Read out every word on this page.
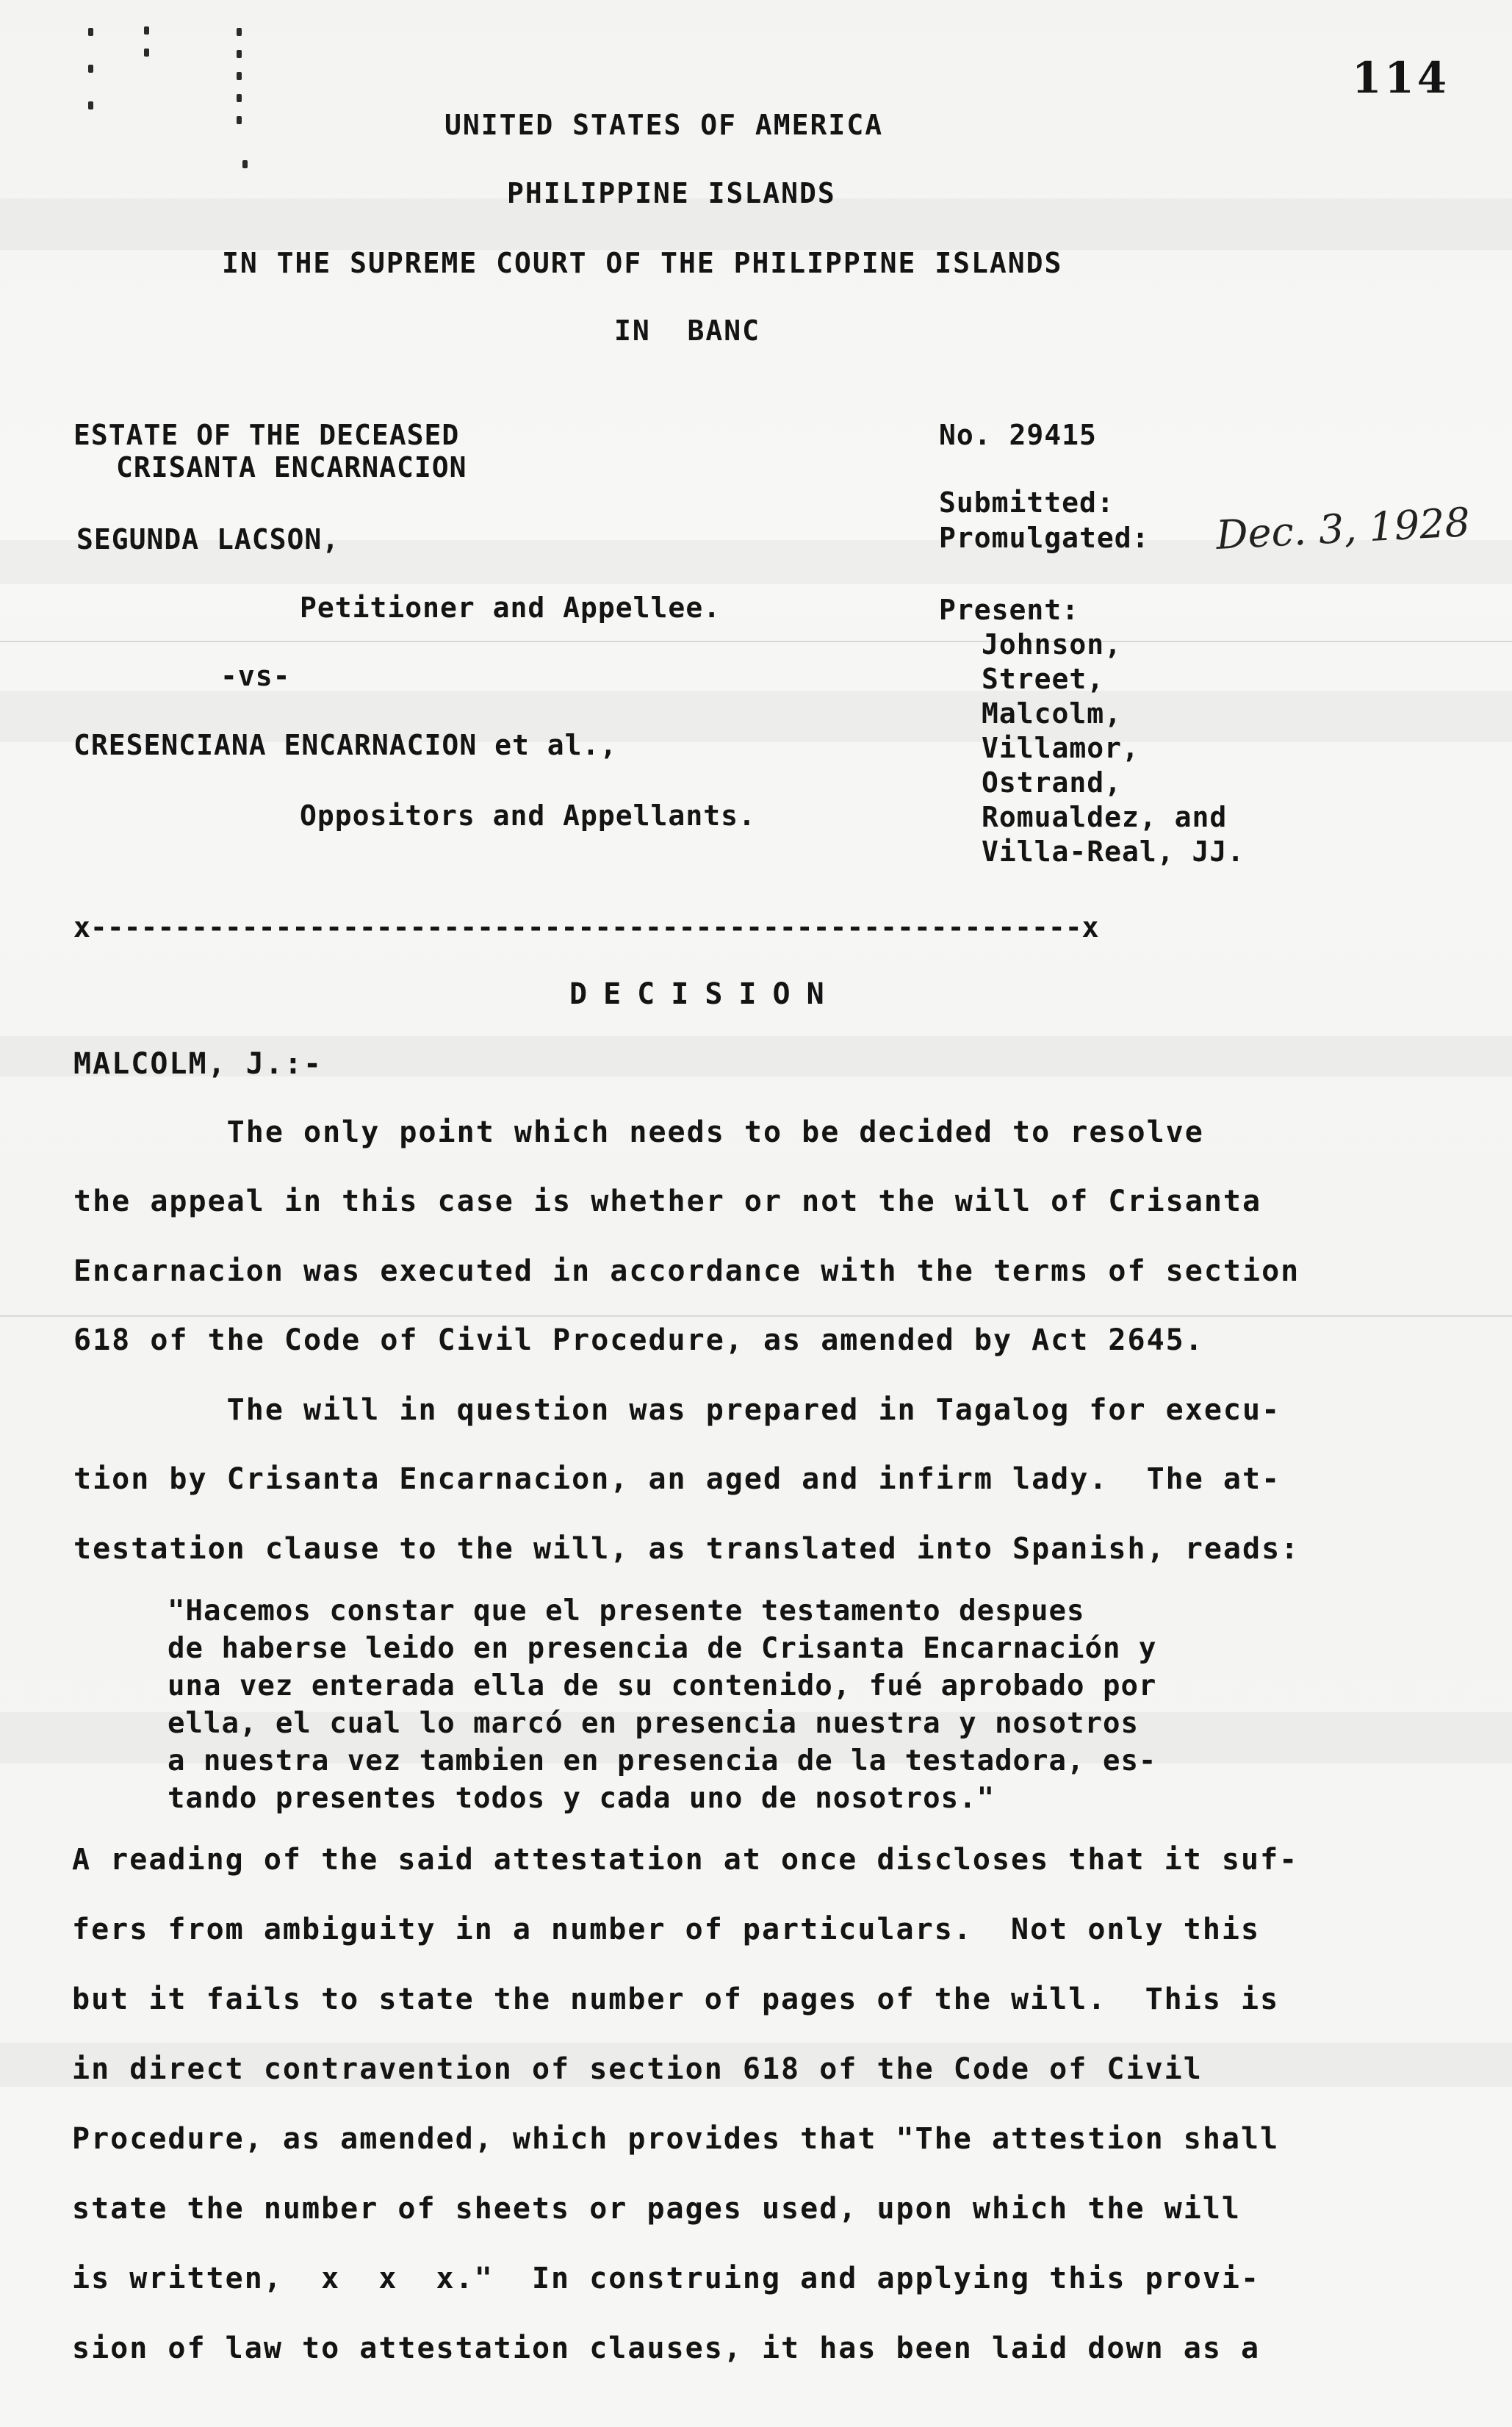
114
UNITED STATES OF AMERICA
PHILIPPINE ISLANDS
IN THE SUPREME COURT OF THE PHILIPPINE ISLANDS
IN  BANC
ESTATE OF THE DECEASED
CRISANTA ENCARNACION
SEGUNDA LACSON,
Petitioner and Appellee.
-vs-
CRESENCIANA ENCARNACION et al.,
Oppositors and Appellants.
No. 29415
Submitted:
Promulgated: Dec. 3, 1928
Present:
Johnson,
Street,
Malcolm,
Villamor,
Ostrand,
Romualdez, and
Villa-Real, JJ.
x-----------------------------------------------------------x
DECISION
MALCOLM, J.:-
The only point which needs to be decided to resolve
the appeal in this case is whether or not the will of Crisanta
Encarnacion was executed in accordance with the terms of section
618 of the Code of Civil Procedure, as amended by Act 2645.
The will in question was prepared in Tagalog for execu-
tion by Crisanta Encarnacion, an aged and infirm lady.  The at-
testation clause to the will, as translated into Spanish, reads:
"Hacemos constar que el presente testamento despues
de haberse leido en presencia de Crisanta Encarnación y
una vez enterada ella de su contenido, fué aprobado por
ella, el cual lo marcó en presencia nuestra y nosotros
a nuestra vez tambien en presencia de la testadora, es-
tando presentes todos y cada uno de nosotros."
A reading of the said attestation at once discloses that it suf-
fers from ambiguity in a number of particulars.  Not only this
but it fails to state the number of pages of the will.  This is
in direct contravention of section 618 of the Code of Civil
Procedure, as amended, which provides that "The attestion shall
state the number of sheets or pages used, upon which the will
is written,  x  x  x."  In construing and applying this provi-
sion of law to attestation clauses, it has been laid down as a
